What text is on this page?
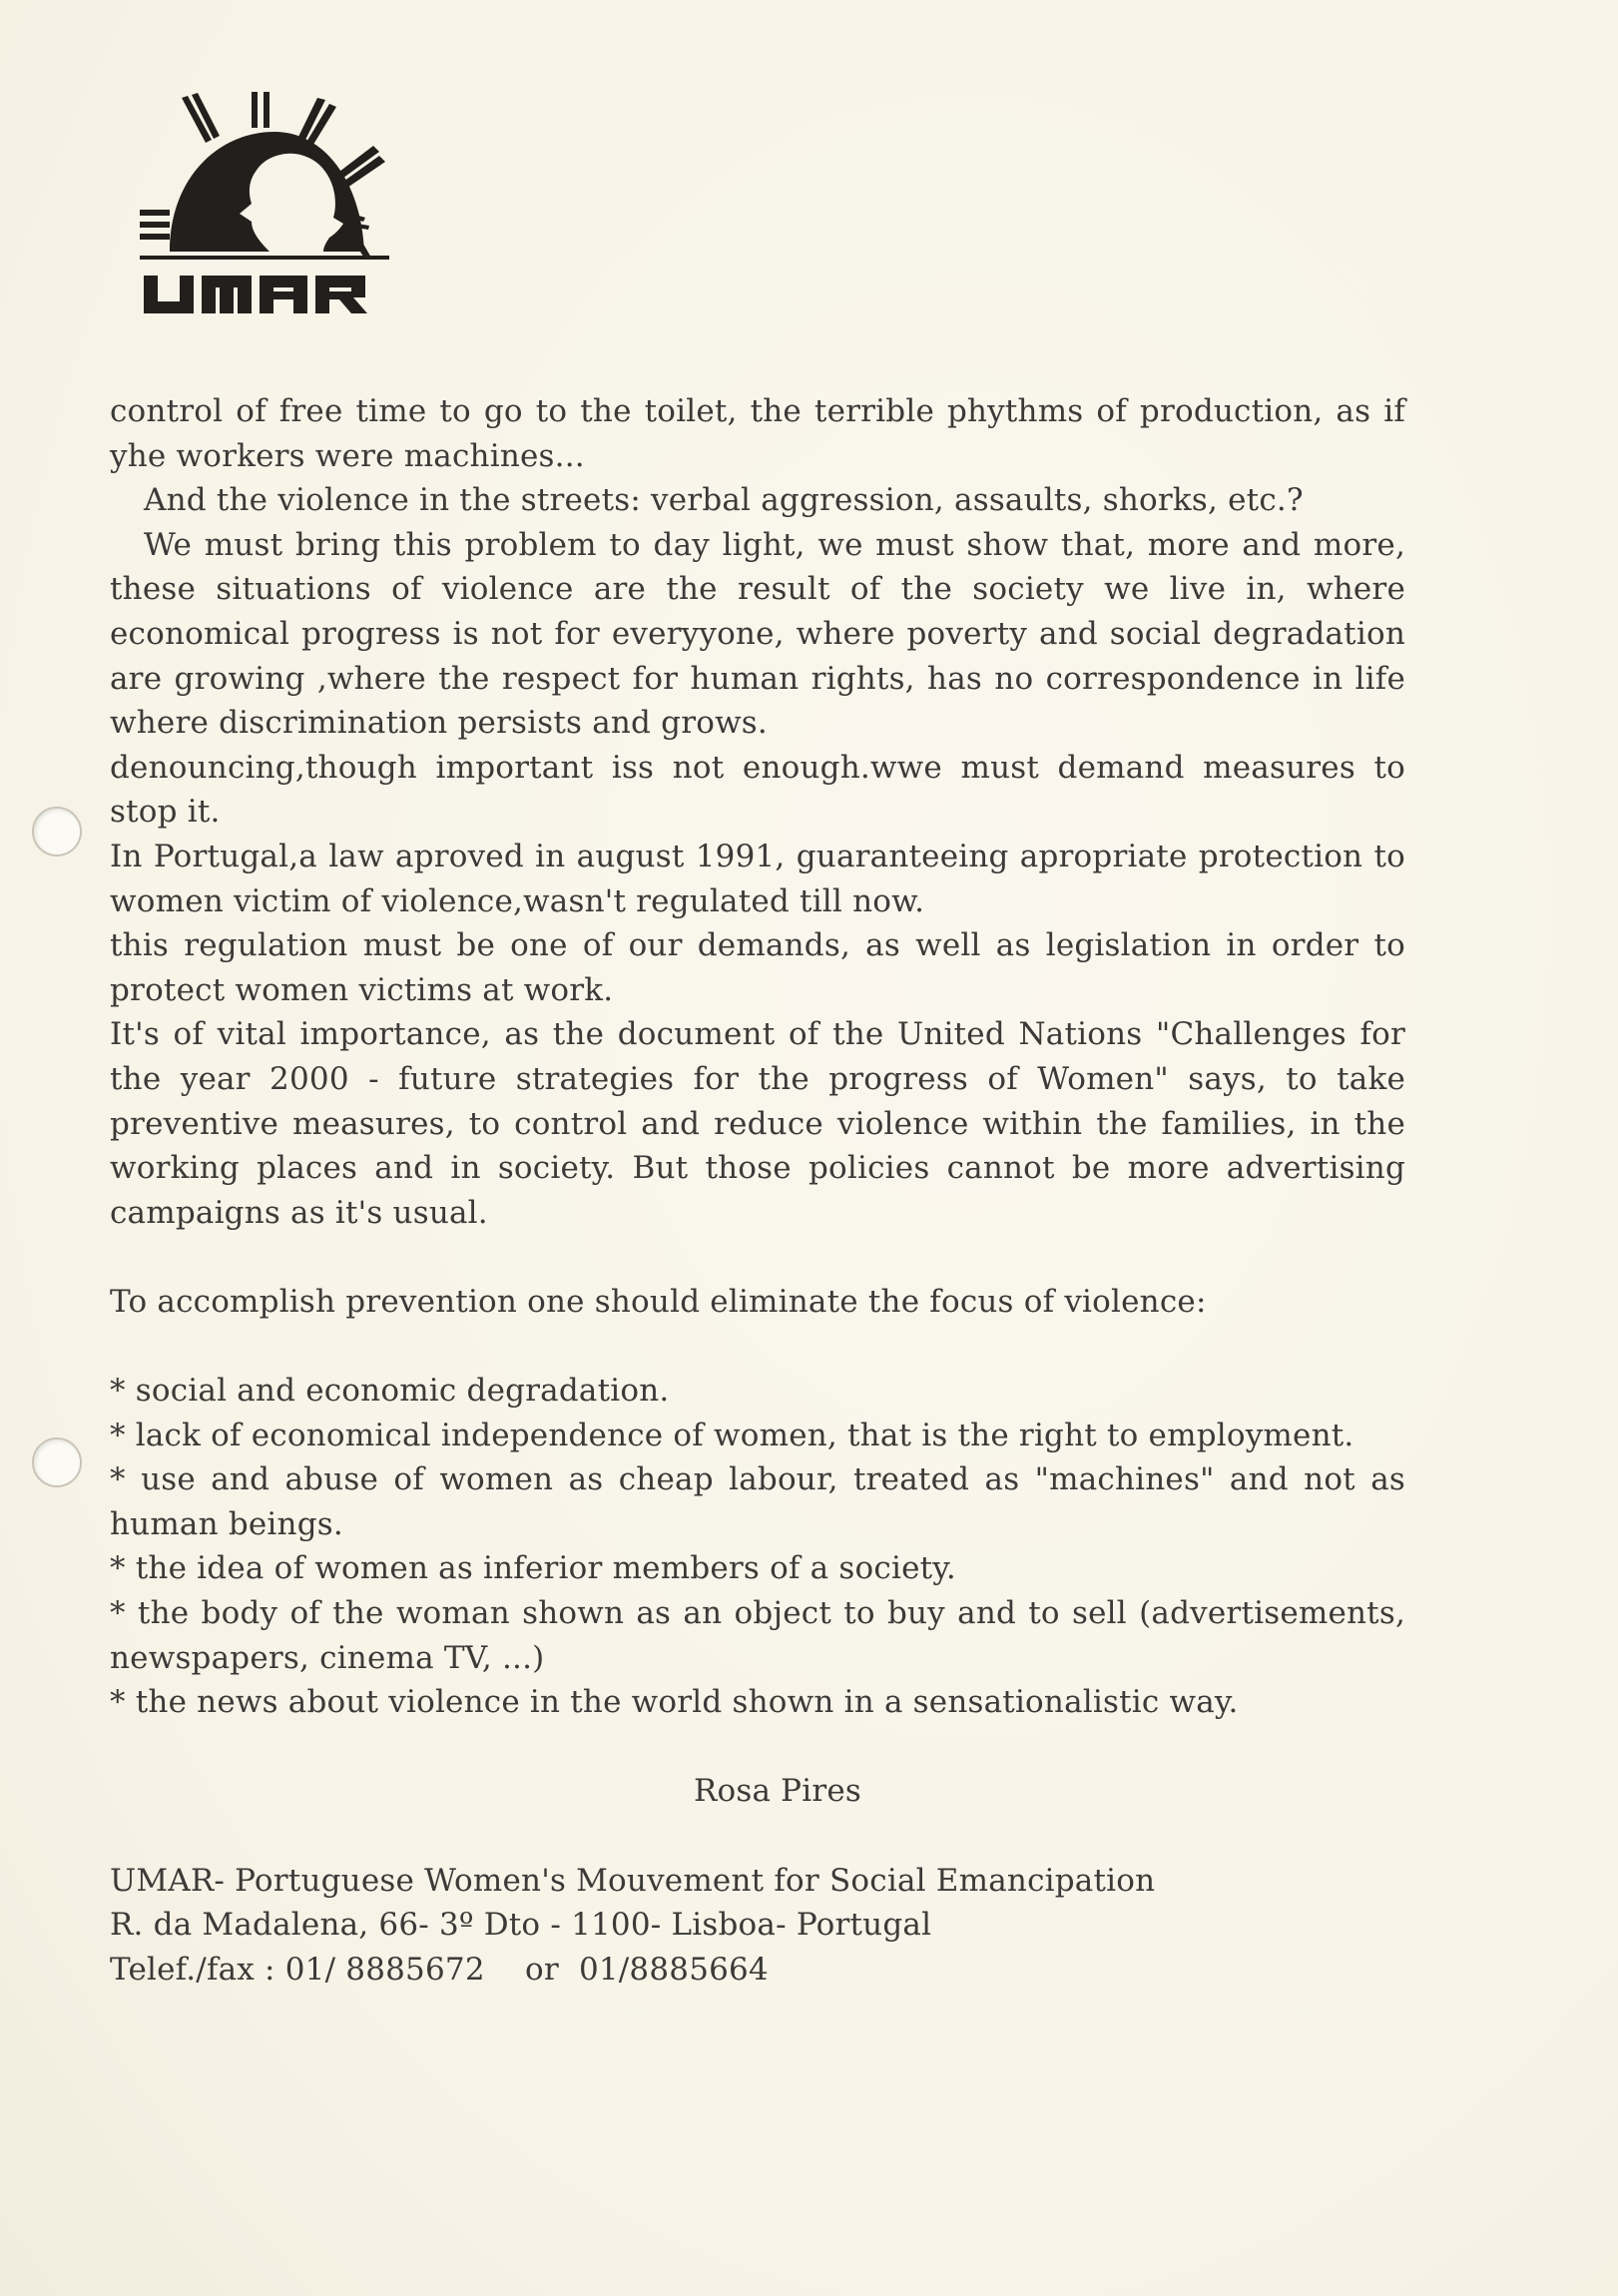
control of free time to go to the toilet, the terrible phythms of production, as if yhe workers were machines...

And the violence in the streets: verbal aggression, assaults, shorks, etc.?

We must bring this problem to day light, we must show that, more and more, these situations of violence are the result of the society we live in, where economical progress is not for everyyone, where poverty and social degradation are growing ,where the respect for human rights, has no correspondence in life where discrimination persists and grows.

denouncing,though important iss not enough.wwe must demand measures to stop it.

In Portugal,a law aproved in august 1991, guaranteeing apropriate protection to women victim of violence,wasn't regulated till now.

this regulation must be one of our demands, as well as legislation in order to protect women victims at work.

It's of vital importance, as the document of the United Nations "Challenges for the year 2000 - future strategies for the progress of Women" says, to take preventive measures, to control and reduce violence within the families, in the working places and in society. But those policies cannot be more advertising campaigns as it's usual.

To accomplish prevention one should eliminate the focus of violence:

* social and economic degradation.

* lack of economical independence of women, that is the right to employment.

* use and abuse of women as cheap labour, treated as "machines" and not as human beings.

* the idea of women as inferior members of a society.

* the body of the woman shown as an object to buy and to sell (advertisements, newspapers, cinema TV, ...)

* the news about violence in the world shown in a sensationalistic way.

Rosa Pires

UMAR- Portuguese Women's Mouvement for Social Emancipation

R. da Madalena, 66- 3º Dto - 1100- Lisboa- Portugal

Telef./fax : 01/ 8885672    or  01/8885664
